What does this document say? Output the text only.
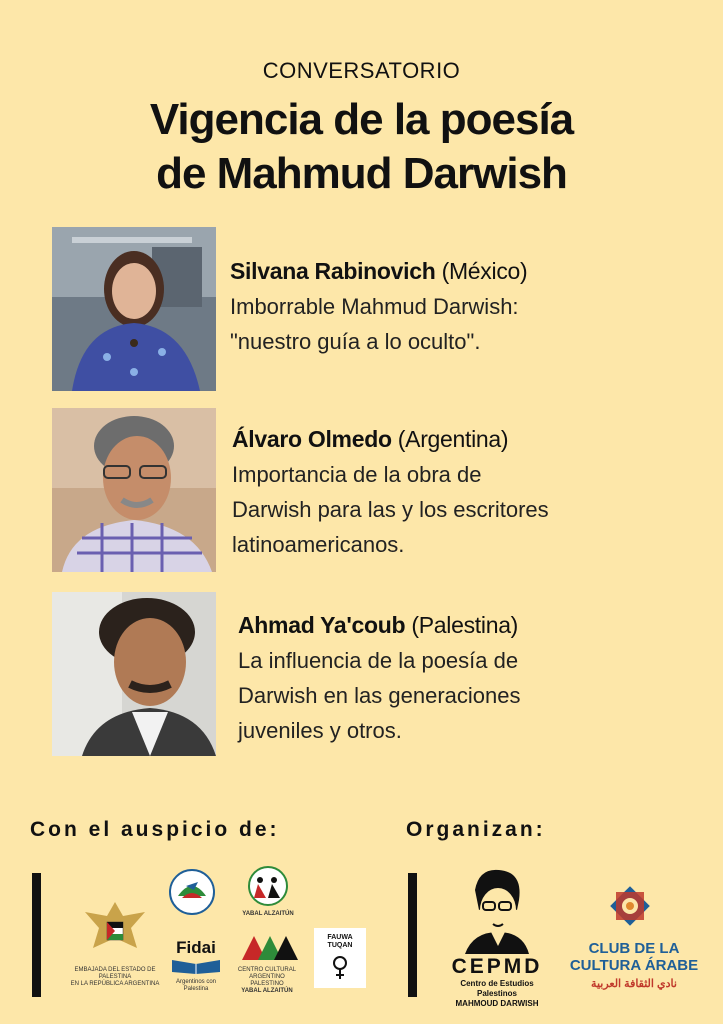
CONVERSATORIO
Vigencia de la poesía
de Mahmud Darwish
Silvana Rabinovich (México)
Imborrable Mahmud Darwish:
"nuestro guía a lo oculto".
Álvaro Olmedo (Argentina)
Importancia de la obra de
Darwish para las y los escritores
latinoamericanos.
Ahmad Ya'coub (Palestina)
La influencia de la poesía de
Darwish en las generaciones
juveniles y otros.
Con el auspicio de:	Organizan:
EMBAJADA DEL ESTADO DE PALESTINA
EN LA REPÚBLICA ARGENTINA
YABAL ALZAITÚN
Fidai
Argentinos con Palestina
CENTRO CULTURAL ARGENTINO PALESTINO
YABAL ALZAITÚN
FAUWA TUQAN
CEPMD
Centro de Estudios Palestinos
MAHMOUD DARWISH
CLUB DE LA
CULTURA ÁRABE
نادي الثقافة العربية
